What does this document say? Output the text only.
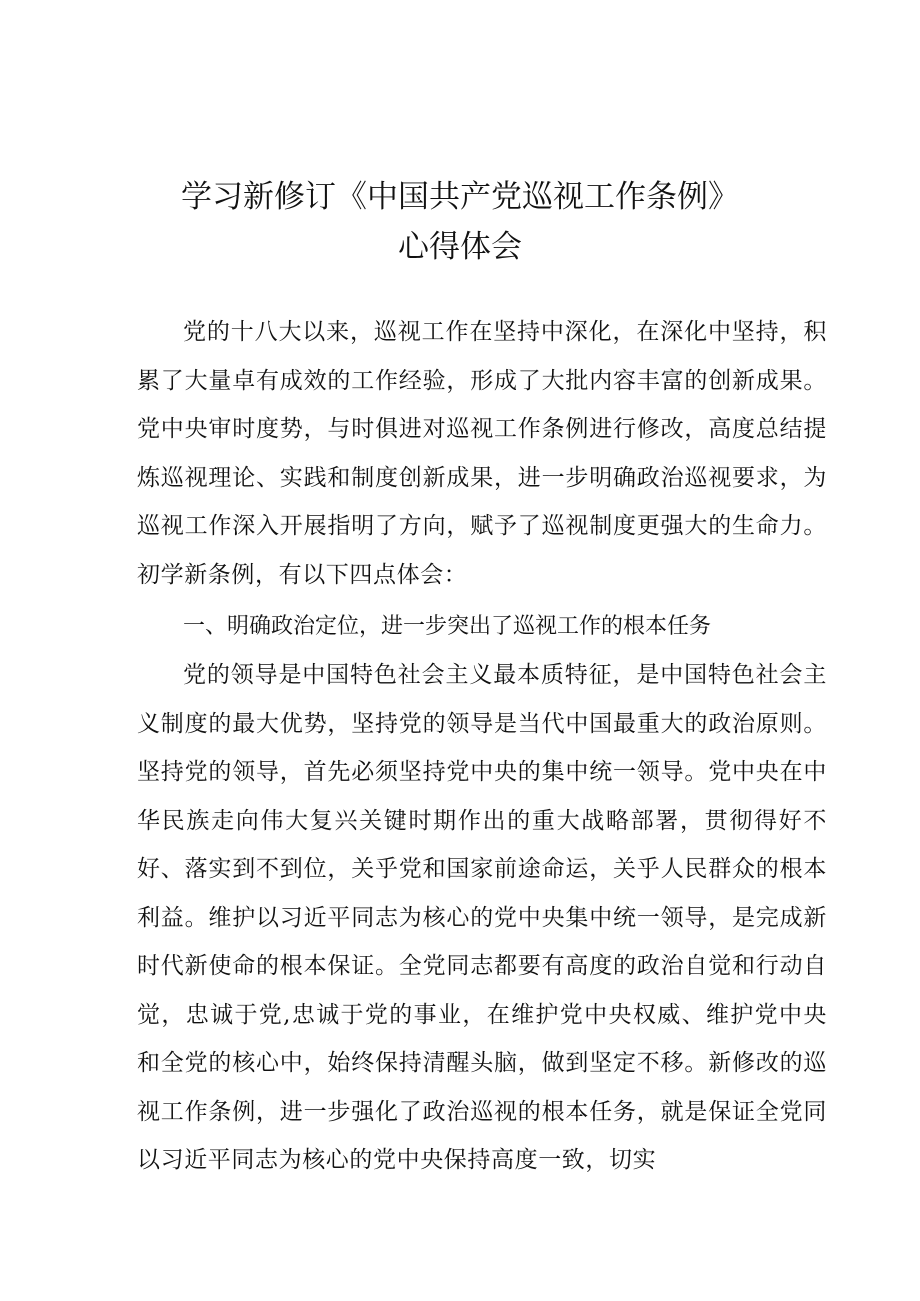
学习新修订《中国共产党巡视工作条例》
心得体会

党的十八大以来，巡视工作在坚持中深化，在深化中坚持，积累了大量卓有成效的工作经验，形成了大批内容丰富的创新成果。党中央审时度势，与时俱进对巡视工作条例进行修改，高度总结提炼巡视理论、实践和制度创新成果，进一步明确政治巡视要求，为巡视工作深入开展指明了方向，赋予了巡视制度更强大的生命力。初学新条例，有以下四点体会：

一、明确政治定位，进一步突出了巡视工作的根本任务

党的领导是中国特色社会主义最本质特征，是中国特色社会主义制度的最大优势，坚持党的领导是当代中国最重大的政治原则。坚持党的领导，首先必须坚持党中央的集中统一领导。党中央在中华民族走向伟大复兴关键时期作出的重大战略部署，贯彻得好不好、落实到不到位，关乎党和国家前途命运，关乎人民群众的根本利益。维护以习近平同志为核心的党中央集中统一领导，是完成新时代新使命的根本保证。全党同志都要有高度的政治自觉和行动自觉，忠诚于党,忠诚于党的事业，在维护党中央权威、维护党中央和全党的核心中，始终保持清醒头脑，做到坚定不移。新修改的巡视工作条例，进一步强化了政治巡视的根本任务，就是保证全党同以习近平同志为核心的党中央保持高度一致，切实
